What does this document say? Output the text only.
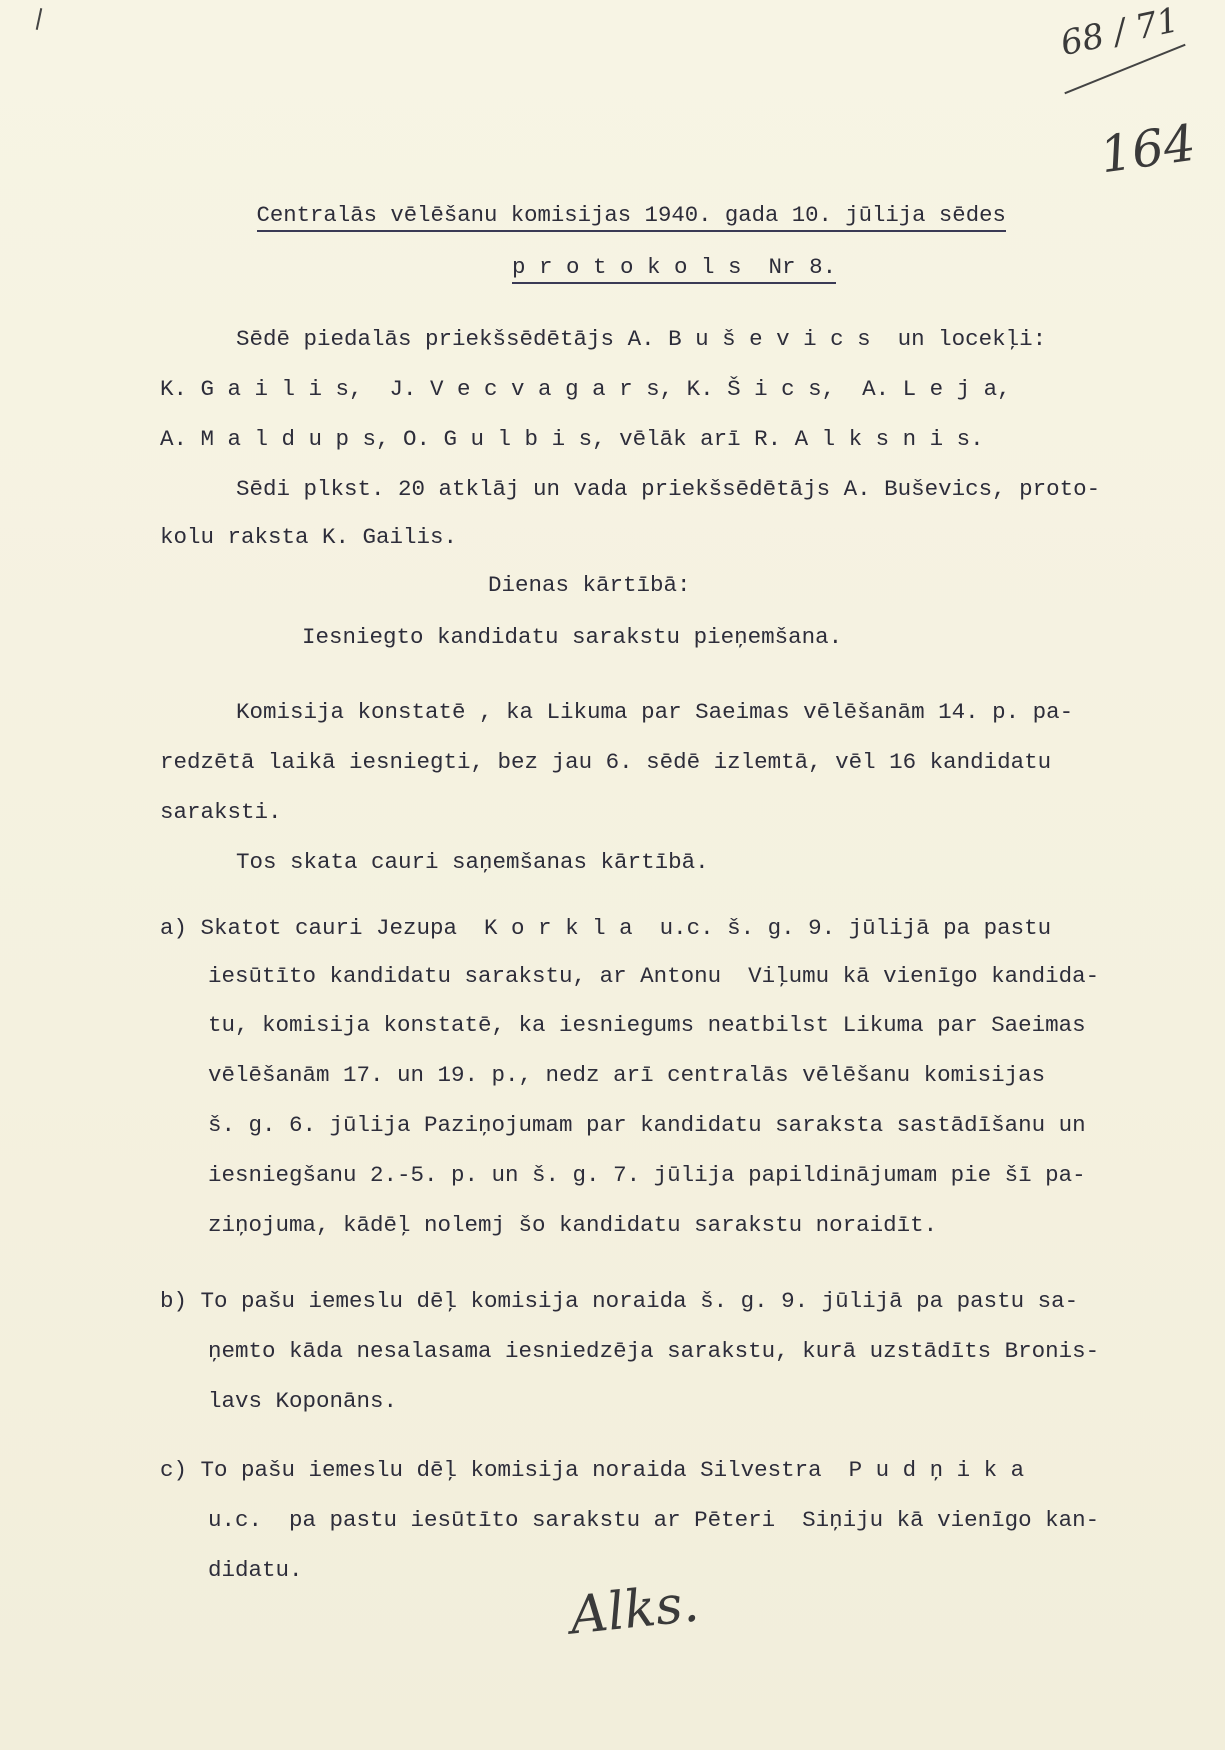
68 / 71
164

Centralās vēlēšanu komisijas 1940. gada 10. jūlija sēdes

p r o t o k o l s  Nr 8.

Sēdē piedalās priekšsēdētājs A. B u š e v i c s  un locekļi:
K. G a i l i s,  J. V e c v a g a r s, K. Š i c s,  A. L e j a,
A. M a l d u p s, O. G u l b i s, vēlāk arī R. A l k s n i s.
Sēdi plkst. 20 atklāj un vada priekšsēdētājs A. Buševics, proto-
kolu raksta K. Gailis.
Dienas kārtībā:
Iesniegto kandidatu sarakstu pieņemšana.
Komisija konstatē , ka Likuma par Saeimas vēlēšanām 14. p. pa-
redzētā laikā iesniegti, bez jau 6. sēdē izlemtā, vēl 16 kandidatu
saraksti.
Tos skata cauri saņemšanas kārtībā.
a) Skatot cauri Jezupa  K o r k l a  u.c. š. g. 9. jūlijā pa pastu
iesūtīto kandidatu sarakstu, ar Antonu  Viļumu kā vienīgo kandida-
tu, komisija konstatē, ka iesniegums neatbilst Likuma par Saeimas
vēlēšanām 17. un 19. p., nedz arī centralās vēlēšanu komisijas
š. g. 6. jūlija Paziņojumam par kandidatu saraksta sastādīšanu un
iesniegšanu 2.-5. p. un š. g. 7. jūlija papildinājumam pie šī pa-
ziņojuma, kādēļ nolemj šo kandidatu sarakstu noraidīt.
b) To pašu iemeslu dēļ komisija noraida š. g. 9. jūlijā pa pastu sa-
ņemto kāda nesalasama iesniedzēja sarakstu, kurā uzstādīts Bronis-
lavs Koponāns.
c) To pašu iemeslu dēļ komisija noraida Silvestra  P u d ņ i k a
u.c.  pa pastu iesūtīto sarakstu ar Pēteri  Siņiju kā vienīgo kan-
didatu.
Alks.
